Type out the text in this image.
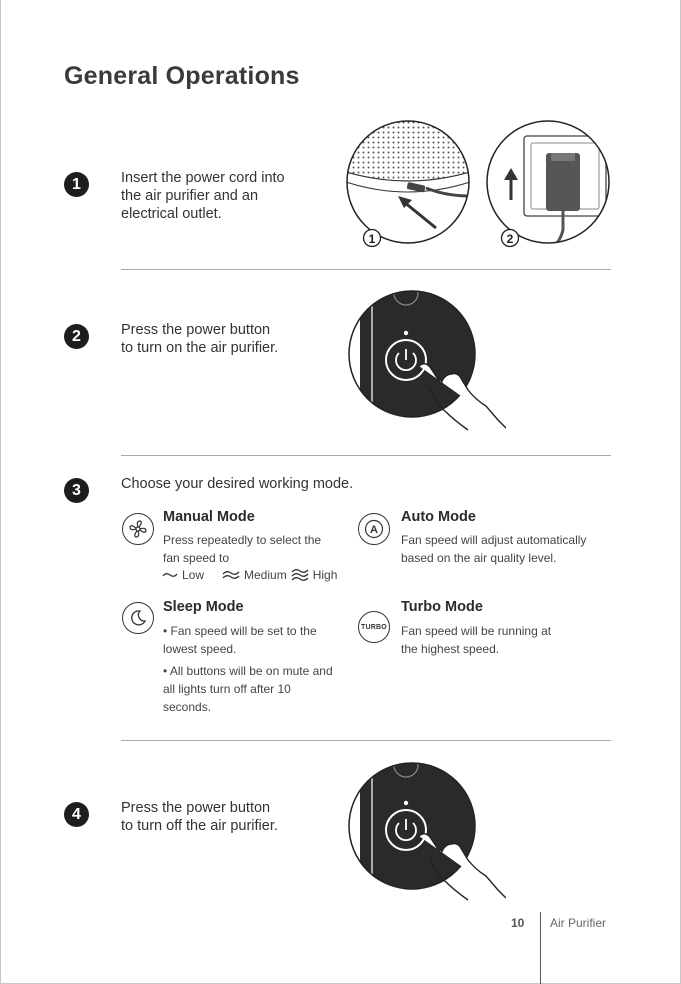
General Operations
1	Insert the power cord into
the air purifier and an
electrical outlet.
1	2
2	Press the power button
to turn on the air purifier.
3	Choose your desired working mode.
Manual Mode
Press repeatedly to select the
fan speed to
Low	Medium High
A
Auto Mode
Fan speed will adjust automatically
based on the air quality level.
Sleep Mode
• Fan speed will be set to the
lowest speed.
• All buttons will be on mute and
all lights turn off after 10
seconds.
TURBO
Turbo Mode
Fan speed will be running at
the highest speed.
4	Press the power button
to turn off the air purifier.
10 Air Purifier
